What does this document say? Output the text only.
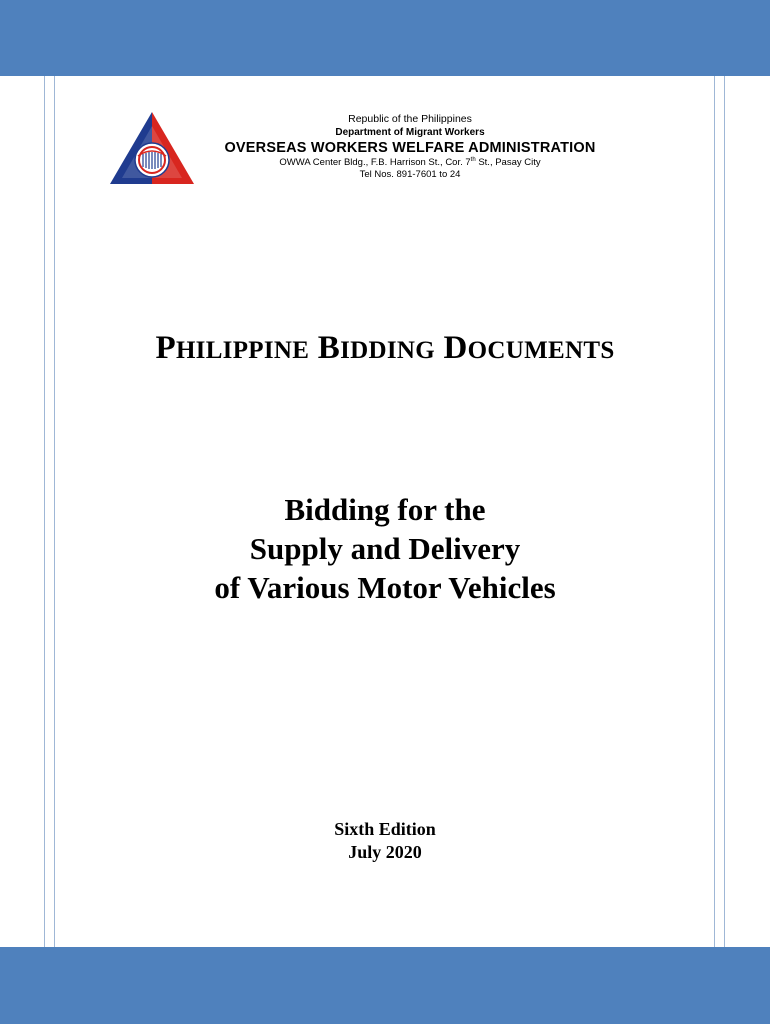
Republic of the Philippines
Department of Migrant Workers
OVERSEAS WORKERS WELFARE ADMINISTRATION
OWWA Center Bldg., F.B. Harrison St., Cor. 7th St., Pasay City
Tel Nos. 891-7601 to 24
PHILIPPINE BIDDING DOCUMENTS
Bidding for the
Supply and Delivery
of Various Motor Vehicles
Sixth Edition
July 2020
